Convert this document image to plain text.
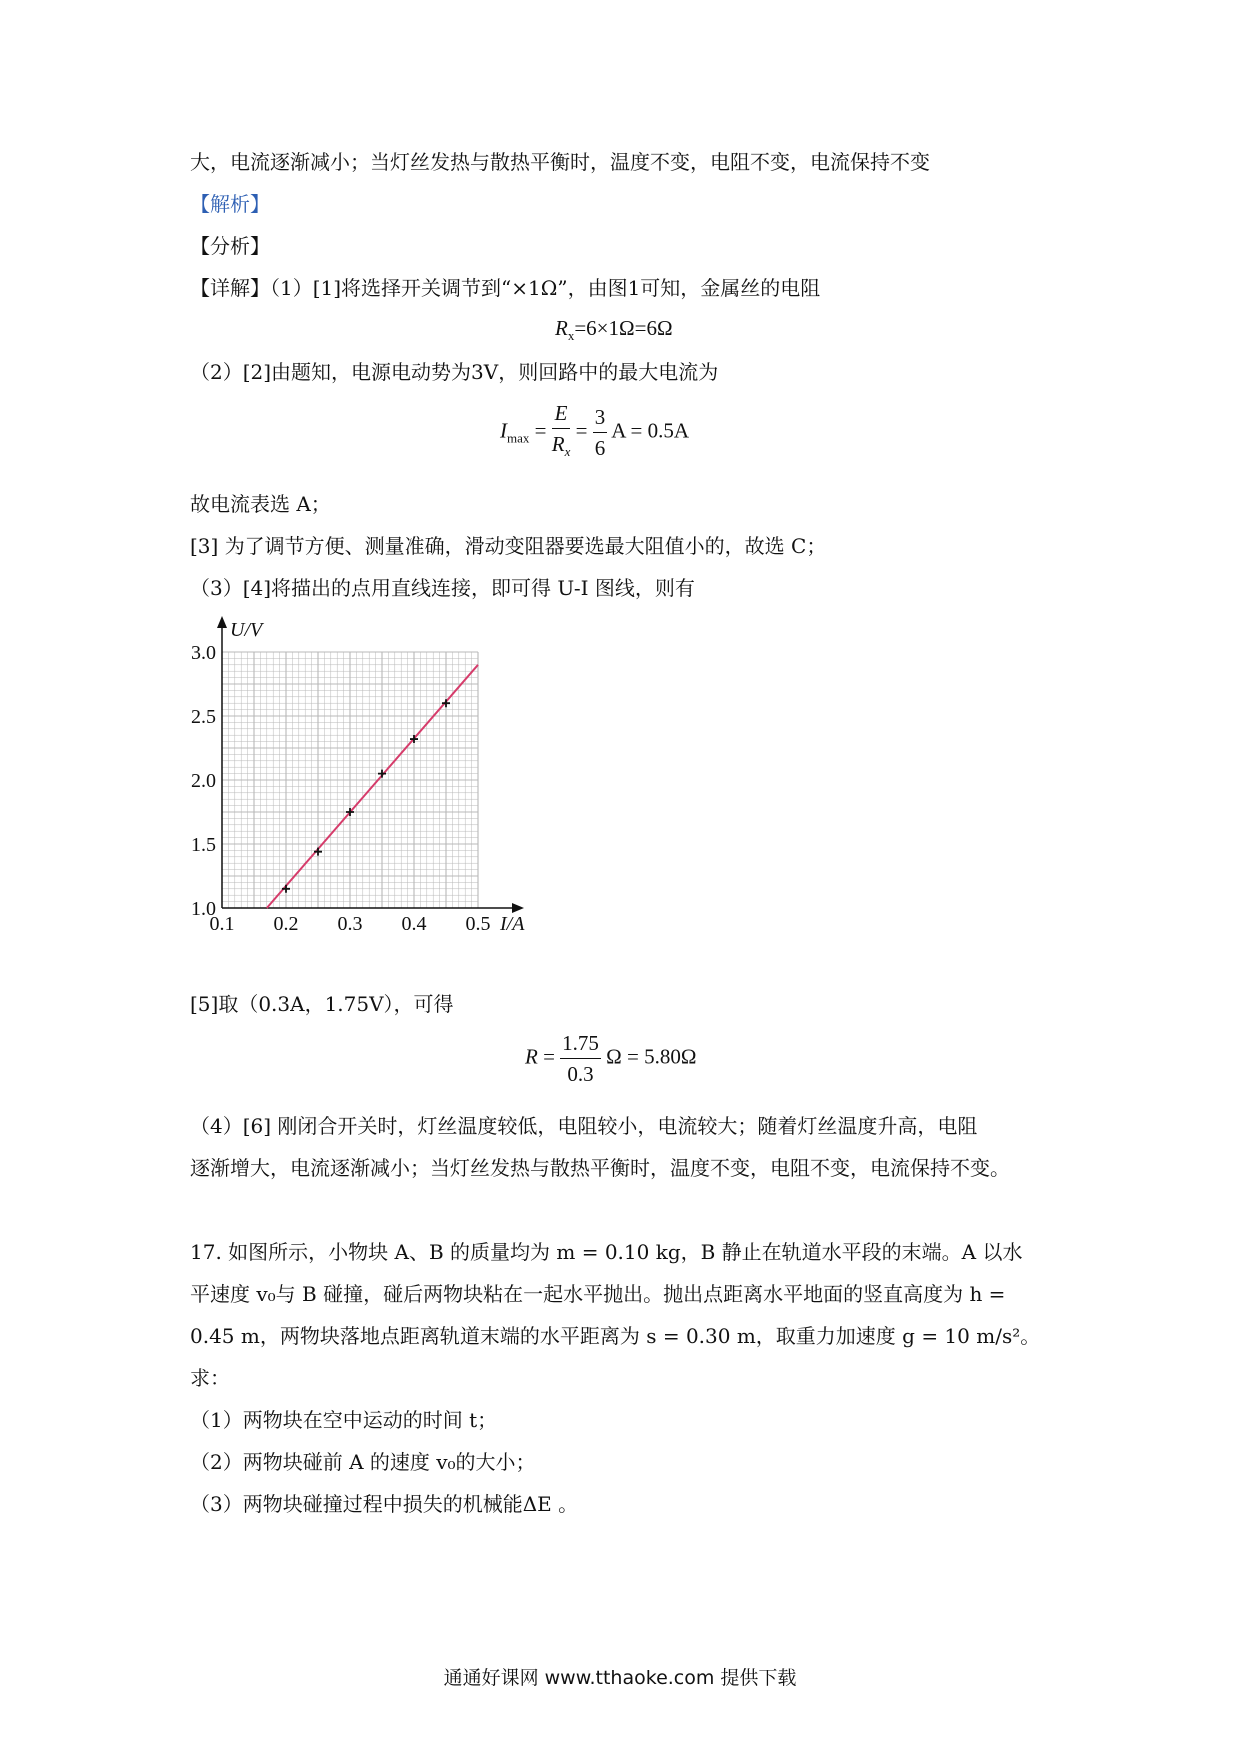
大，电流逐渐减小；当灯丝发热与散热平衡时，温度不变，电阻不变，电流保持不变
【解析】
【分析】
【详解】（1）[1]将选择开关调节到“×1Ω”，由图1可知，金属丝的电阻
$R_x=6\times 1\Omega=6\Omega$
（2）[2]由题知，电源电动势为3V，则回路中的最大电流为
$I_{max} = \frac{E}{R_x} = \frac{3}{6}$ A = 0.5A
故电流表选 A；
[3] 为了调节方便、测量准确，滑动变阻器要选最大阻值小的，故选 C；
（3）[4]将描出的点用直线连接，即可得 U-I 图线，则有
0.1 0.2 0.3 0.4 0.5
1.0
1.5
2.0
2.5
3.0
I/A
U/V
[5]取（0.3A，1.75V），可得
$R = \frac{1.75}{0.3}$ Ω = 5.80Ω
（4）[6] 刚闭合开关时，灯丝温度较低，电阻较小，电流较大；随着灯丝温度升高，电阻
逐渐增大，电流逐渐减小；当灯丝发热与散热平衡时，温度不变，电阻不变，电流保持不变。
17. 如图所示，小物块 A、B 的质量均为 m = 0.10 kg，B 静止在轨道水平段的末端。A 以水
平速度 v₀与 B 碰撞，碰后两物块粘在一起水平抛出。抛出点距离水平地面的竖直高度为 h =
0.45 m，两物块落地点距离轨道末端的水平距离为 s = 0.30 m，取重力加速度 g = 10 m/s²。
求：
（1）两物块在空中运动的时间 t；
（2）两物块碰前 A 的速度 v₀的大小；
（3）两物块碰撞过程中损失的机械能ΔE 。
通通好课网 www.tthaoke.com 提供下载
